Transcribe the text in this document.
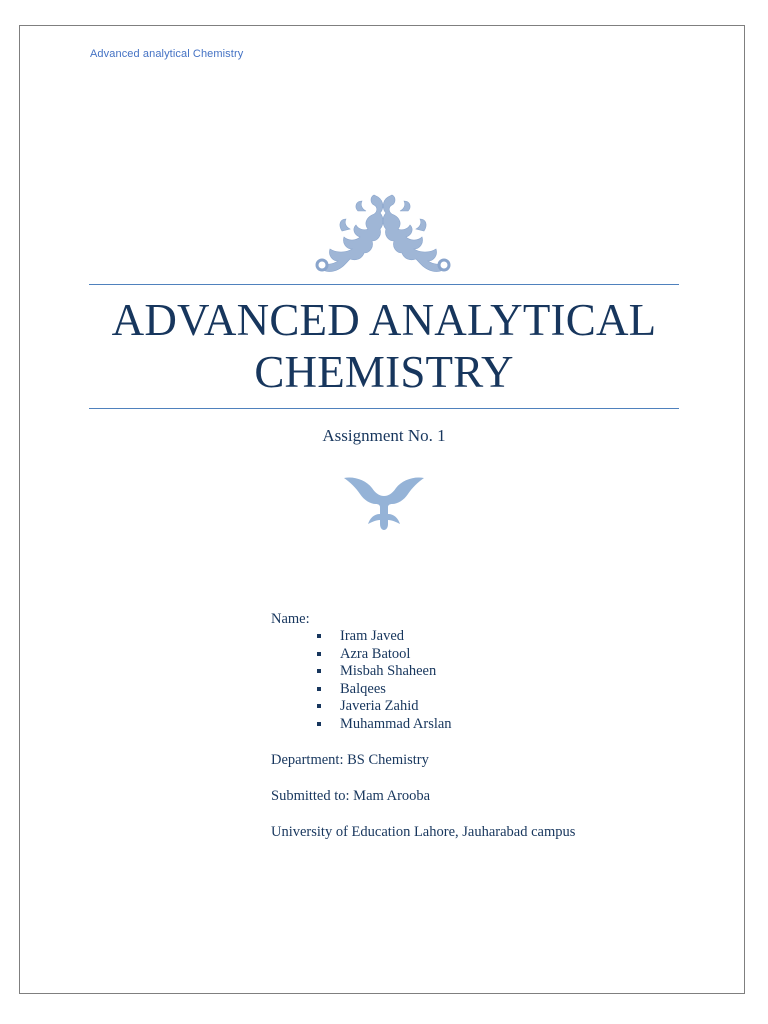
Advanced analytical Chemistry
ADVANCED ANALYTICAL
CHEMISTRY
Assignment No. 1
Name:
Iram Javed
Azra Batool
Misbah Shaheen
Balqees
Javeria Zahid
Muhammad Arslan
Department: BS Chemistry
Submitted to: Mam Arooba
University of Education Lahore, Jauharabad campus
